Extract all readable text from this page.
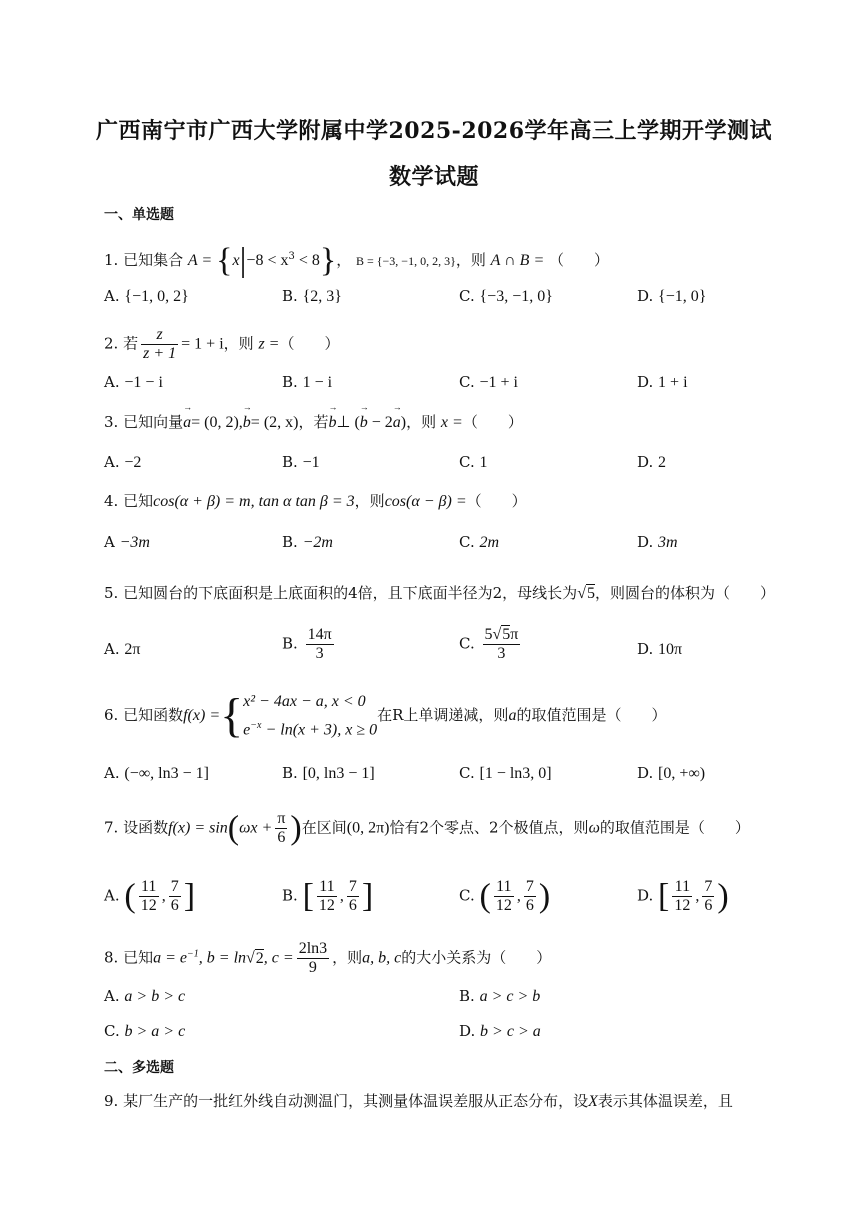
广西南宁市广西大学附属中学2025-2026学年高三上学期开学测试
数学试题
一、单选题
1. 已知集合 $A = \{x|-8 < x^3 < 8\}$， B = {−3, −1, 0, 2, 3}，则 A ∩ B = （　　）
A. {−1, 0, 2}	B. {2, 3}	C. {−3, −1, 0}	D. {−1, 0}
2. 若 $\frac{z}{z + 1} = 1 + i$，则 z =（　　）
A. −1 − i	B. 1 − i	C. −1 + i	D. 1 + i
3. 已知向量→ a= (0, 2),→ b= (2, x)，若→ b⊥ (→ b − 2→ a)，则 x =（　　）
A. −2	B. −1	C. 1	D. 2
4. 已知cos(α + β) = m, tan α tan β = 3，则cos(α − β) =（　　）
A −3m	B. −2m	C. 2m	D. 3m
5. 已知圆台的下底面积是上底面积的4倍，且下底面半径为2，母线长为√5，则圆台的体积为（　　）
A. 2π	B. $\frac{14\pi}{3}$	C. $\frac{5√5\pi}{3}$	D. 10π
6. 已知函数f(x) ={ x² − 4ax − a, x < 0
$e^{-x} - \ln(x + 3)$, x ≥ 0
在R上单调递减，则a的取值范围是（　　）
A. (−∞, ln3 − 1]	B. [0, ln3 − 1]	C. [1 − ln3, 0]	D. [0, +∞)
7. 设函数$f(x) = \sin(\omega x + \frac{\pi}{6}$ )在区间(0, 2π)恰有2个零点、2个极值点，则ω的取值范围是（　　）
A. ( $\frac{11}{12}$ , $\frac{7}{6}$ ]	B. [ $\frac{11}{12}$ , $\frac{7}{6}$ ]	C. ( $\frac{11}{12}$ , $\frac{7}{6}$ )	D. [ $\frac{11}{12}$ , $\frac{7}{6}$ )
8. 已知$a = e^{-1}$, b = ln√2, $c = \frac{2\ln 3}{9}$ ，则a, b, c的大小关系为（　　）
A. a > b > c	B. a > c > b
C. b > a > c	D. b > c > a
二、多选题
9. 某厂生产的一批红外线自动测温门，其测量体温误差服从正态分布，设X表示其体温误差，且
